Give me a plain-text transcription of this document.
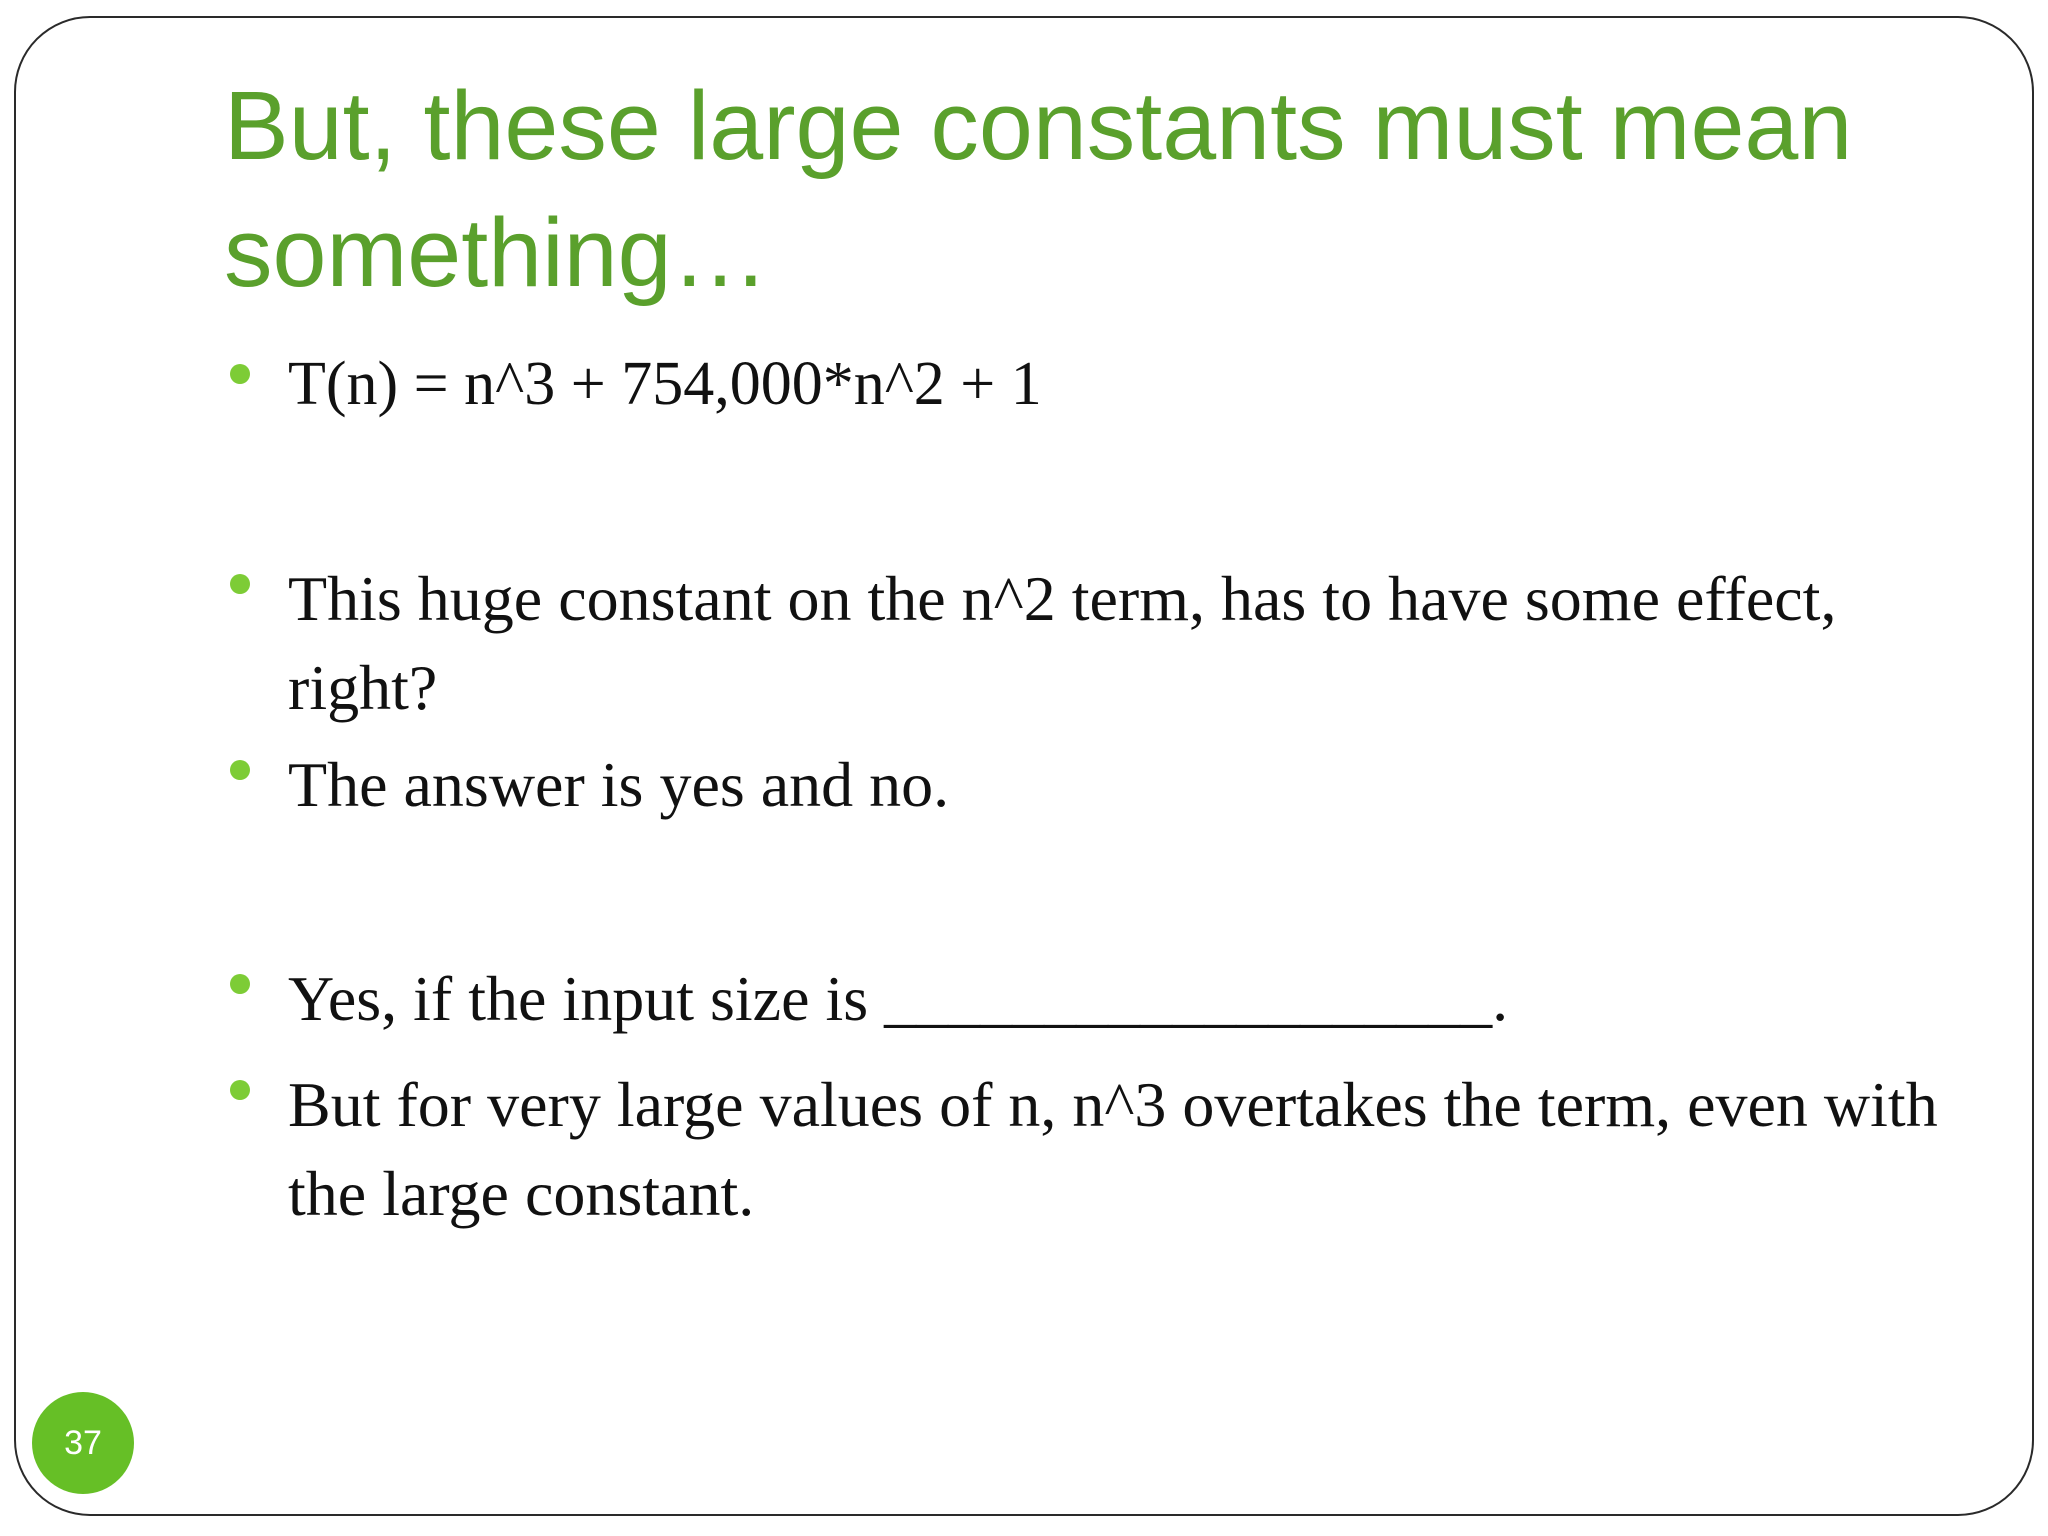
But, these large constants must mean something…
T(n) = n^3 + 754,000*n^2 + 1
This huge constant on the n^2 term, has to have some effect, right?
The answer is yes and no.
Yes, if the input size is ___________________.
But for very large values of n, n^3 overtakes the term, even with the large constant.
37
